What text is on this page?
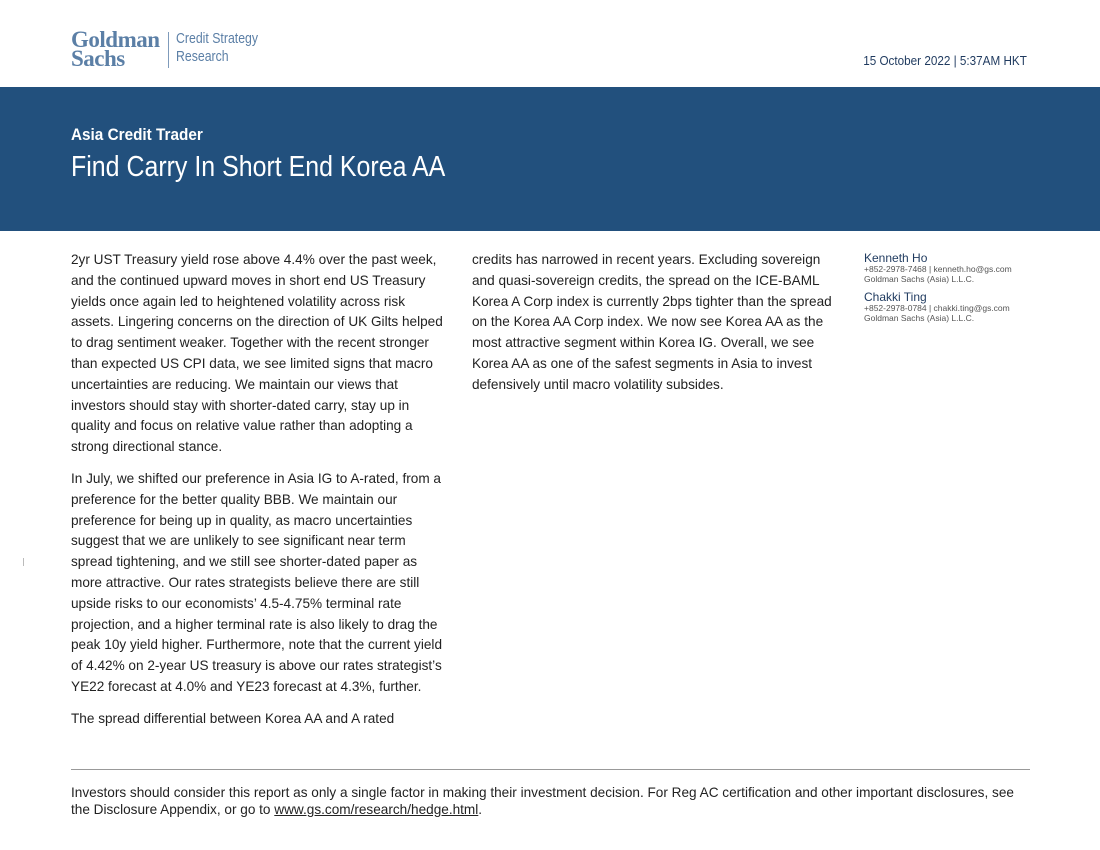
Goldman
Sachs
Credit Strategy
Research	15 October 2022 | 5:37AM HKT
Asia Credit Trader
Find Carry In Short End Korea AA

2yr UST Treasury yield rose above 4.4% over the past week, and the continued upward moves in short end US Treasury yields once again led to heightened volatility across risk assets. Lingering concerns on the direction of UK Gilts helped to drag sentiment weaker. Together with the recent stronger than expected US CPI data, we see limited signs that macro uncertainties are reducing. We maintain our views that investors should stay with shorter-dated carry, stay up in quality and focus on relative value rather than adopting a strong directional stance.

In July, we shifted our preference in Asia IG to A-rated, from a preference for the better quality BBB. We maintain our preference for being up in quality, as macro uncertainties suggest that we are unlikely to see significant near term spread tightening, and we still see shorter-dated paper as more attractive. Our rates strategists believe there are still upside risks to our economists’ 4.5-4.75% terminal rate projection, and a higher terminal rate is also likely to drag the peak 10y yield higher. Furthermore, note that the current yield of 4.42% on 2-year US treasury is above our rates strategist’s YE22 forecast at 4.0% and YE23 forecast at 4.3%, further.

The spread differential between Korea AA and A rated

credits has narrowed in recent years. Excluding sovereign and quasi-sovereign credits, the spread on the ICE-BAML Korea A Corp index is currently 2bps tighter than the spread on the Korea AA Corp index. We now see Korea AA as the most attractive segment within Korea IG. Overall, we see Korea AA as one of the safest segments in Asia to invest defensively until macro volatility subsides.

Kenneth Ho
+852-2978-7468 | kenneth.ho@gs.com
Goldman Sachs (Asia) L.L.C.
Chakki Ting
+852-2978-0784 | chakki.ting@gs.com
Goldman Sachs (Asia) L.L.C.
Investors should consider this report as only a single factor in making their investment decision. For Reg AC certification and other important disclosures, see the Disclosure Appendix, or go to www.gs.com/research/hedge.html.
